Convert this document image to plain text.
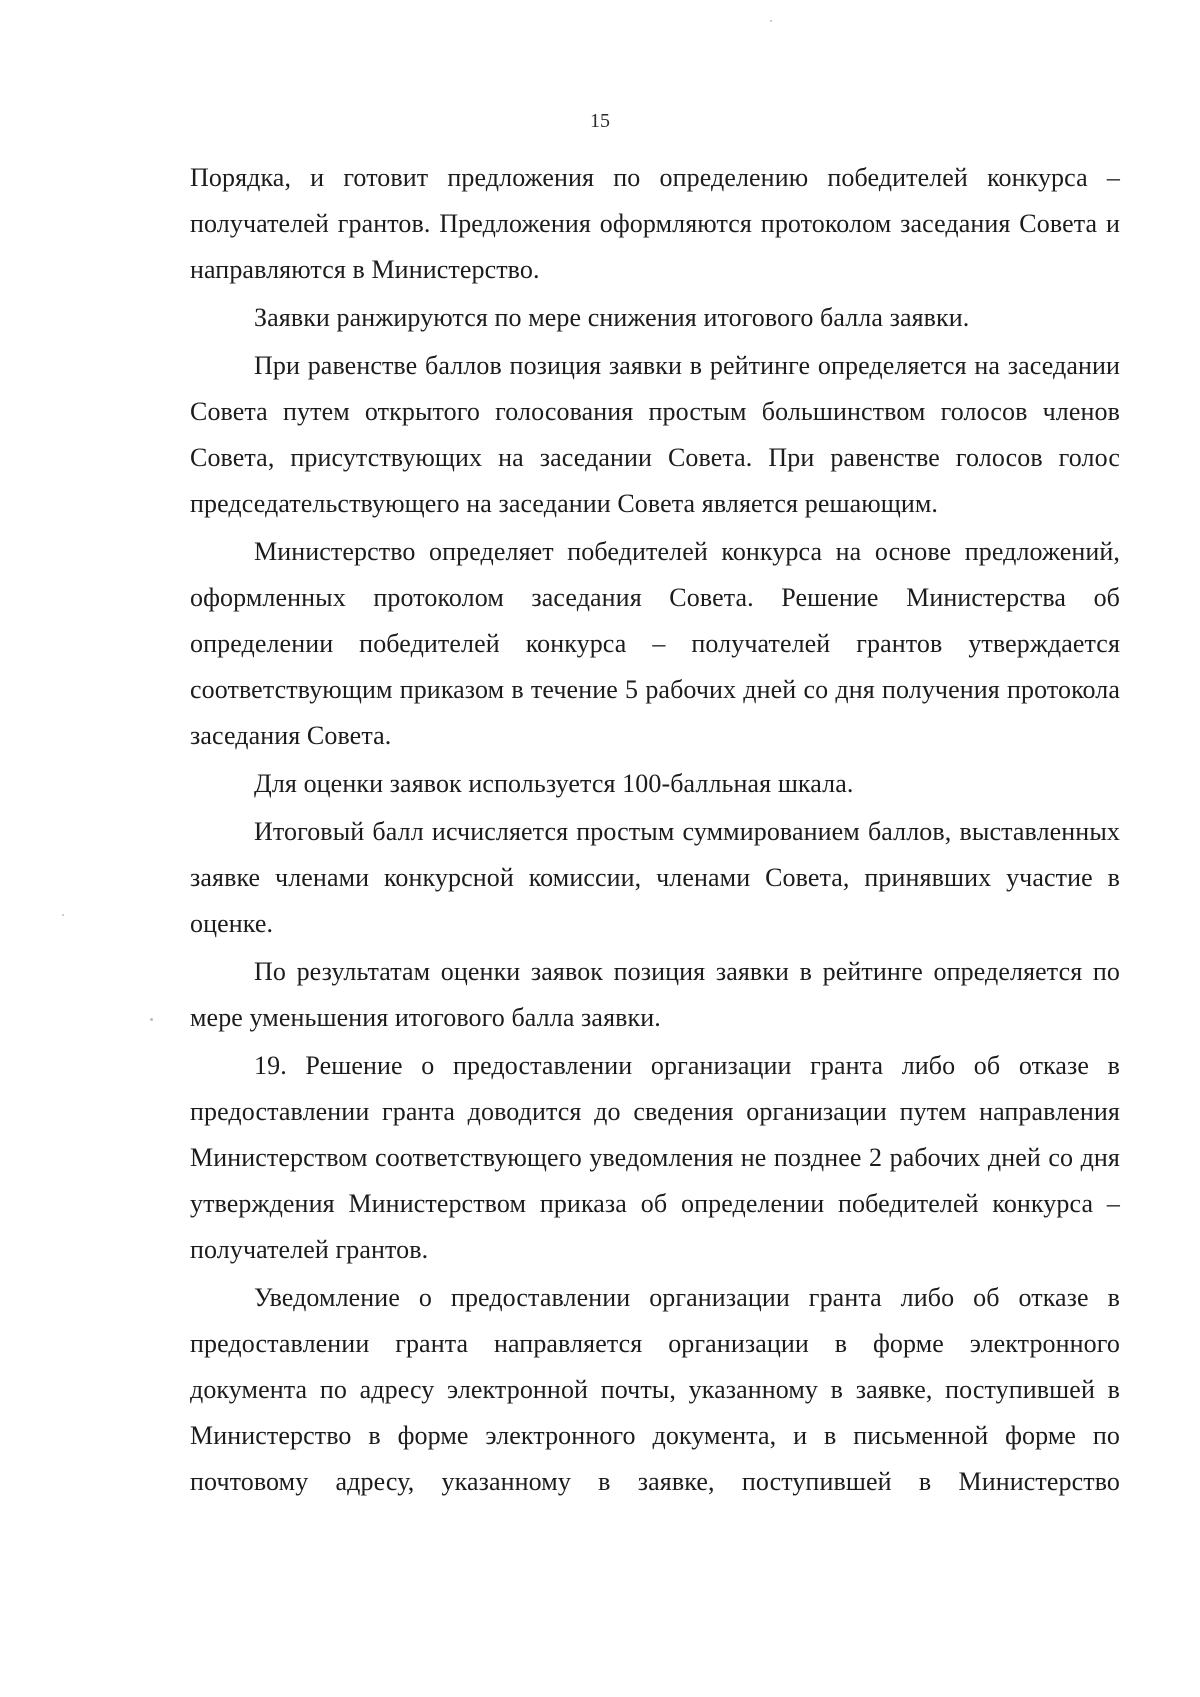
15

Порядка, и готовит предложения по определению победителей конкурса – получателей грантов. Предложения оформляются протоколом заседания Совета и направляются в Министерство.

Заявки ранжируются по мере снижения итогового балла заявки.

При равенстве баллов позиция заявки в рейтинге определяется на заседании Совета путем открытого голосования простым большинством голосов членов Совета, присутствующих на заседании Совета. При равенстве голосов голос председательствующего на заседании Совета является решающим.

Министерство определяет победителей конкурса на основе предложений, оформленных протоколом заседания Совета. Решение Министерства об определении победителей конкурса – получателей грантов утверждается соответствующим приказом в течение 5 рабочих дней со дня получения протокола заседания Совета.

Для оценки заявок используется 100-балльная шкала.

Итоговый балл исчисляется простым суммированием баллов, выставленных заявке членами конкурсной комиссии, членами Совета, принявших участие в оценке.

По результатам оценки заявок позиция заявки в рейтинге определяется по мере уменьшения итогового балла заявки.

19. Решение о предоставлении организации гранта либо об отказе в предоставлении гранта доводится до сведения организации путем направления Министерством соответствующего уведомления не позднее 2 рабочих дней со дня утверждения Министерством приказа об определении победителей конкурса – получателей грантов.

Уведомление о предоставлении организации гранта либо об отказе в предоставлении гранта направляется организации в форме электронного документа по адресу электронной почты, указанному в заявке, поступившей в Министерство в форме электронного документа, и в письменной форме по почтовому адресу, указанному в заявке, поступившей в Министерство
